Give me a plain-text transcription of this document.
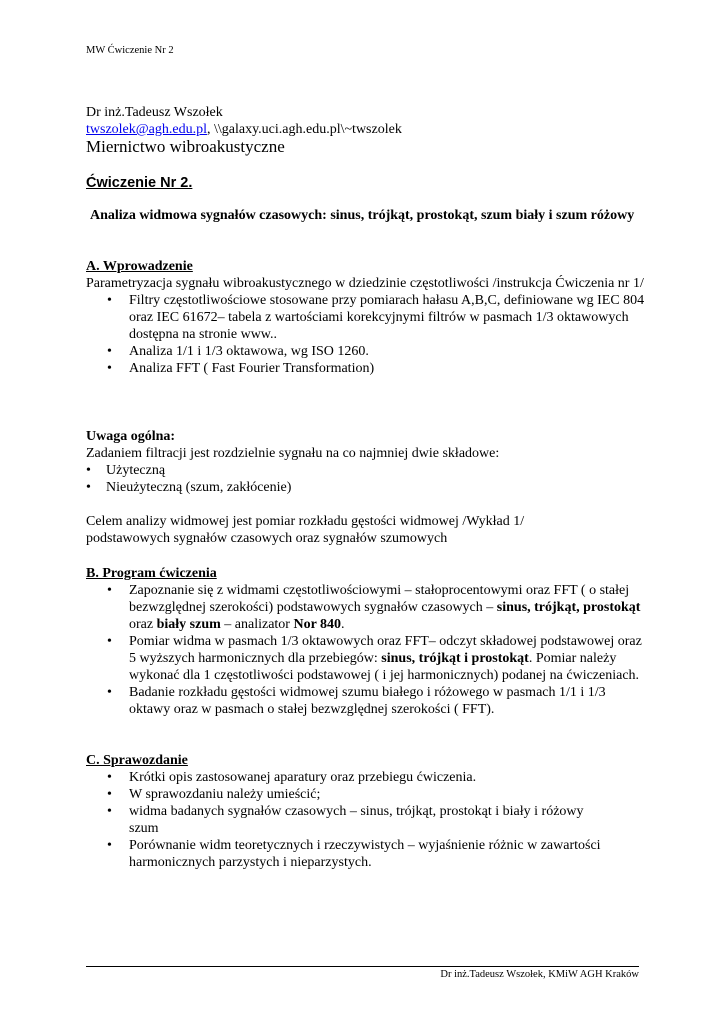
MW Ćwiczenie Nr 2
Dr inż.Tadeusz Wszołek
twszolek@agh.edu.pl, \\galaxy.uci.agh.edu.pl\~twszolek
Miernictwo wibroakustyczne
Ćwiczenie Nr 2.
Analiza widmowa sygnałów czasowych: sinus, trójkąt, prostokąt, szum biały i szum różowy
A. Wprowadzenie
Parametryzacja sygnału wibroakustycznego w dziedzinie częstotliwości /instrukcja Ćwiczenia nr 1/
• Filtry częstotliwościowe stosowane przy pomiarach hałasu A,B,C, definiowane wg IEC 804 oraz IEC 61672– tabela z wartościami korekcyjnymi filtrów w pasmach 1/3 oktawowych dostępna na stronie www..
• Analiza 1/1 i 1/3 oktawowa, wg ISO 1260.
• Analiza FFT ( Fast Fourier Transformation)
Uwaga ogólna:
Zadaniem filtracji jest rozdzielnie sygnału na co najmniej dwie składowe:
• Użyteczną
• Nieużyteczną (szum, zakłócenie)
Celem analizy widmowej jest pomiar rozkładu gęstości widmowej /Wykład 1/ podstawowych sygnałów czasowych oraz sygnałów szumowych
B. Program ćwiczenia
• Zapoznanie się z widmami częstotliwościowymi – stałoprocentowymi oraz FFT ( o stałej bezwzględnej szerokości) podstawowych sygnałów czasowych – sinus, trójkąt, prostokąt oraz biały szum – analizator Nor 840.
• Pomiar widma w pasmach 1/3 oktawowych oraz FFT– odczyt składowej podstawowej oraz 5 wyższych harmonicznych dla przebiegów: sinus, trójkąt i prostokąt. Pomiar należy wykonać dla 1 częstotliwości podstawowej ( i jej harmonicznych) podanej na ćwiczeniach.
• Badanie rozkładu gęstości widmowej szumu białego i różowego w pasmach 1/1 i 1/3 oktawy oraz w pasmach o stałej bezwzględnej szerokości ( FFT).
C. Sprawozdanie
• Krótki opis zastosowanej aparatury oraz przebiegu ćwiczenia.
• W sprawozdaniu należy umieścić;
• widma badanych sygnałów czasowych – sinus, trójkąt, prostokąt i biały i różowy szum
• Porównanie widm teoretycznych i rzeczywistych – wyjaśnienie różnic w zawartości harmonicznych parzystych i nieparzystych.
Dr inż.Tadeusz Wszołek, KMiW AGH Kraków
